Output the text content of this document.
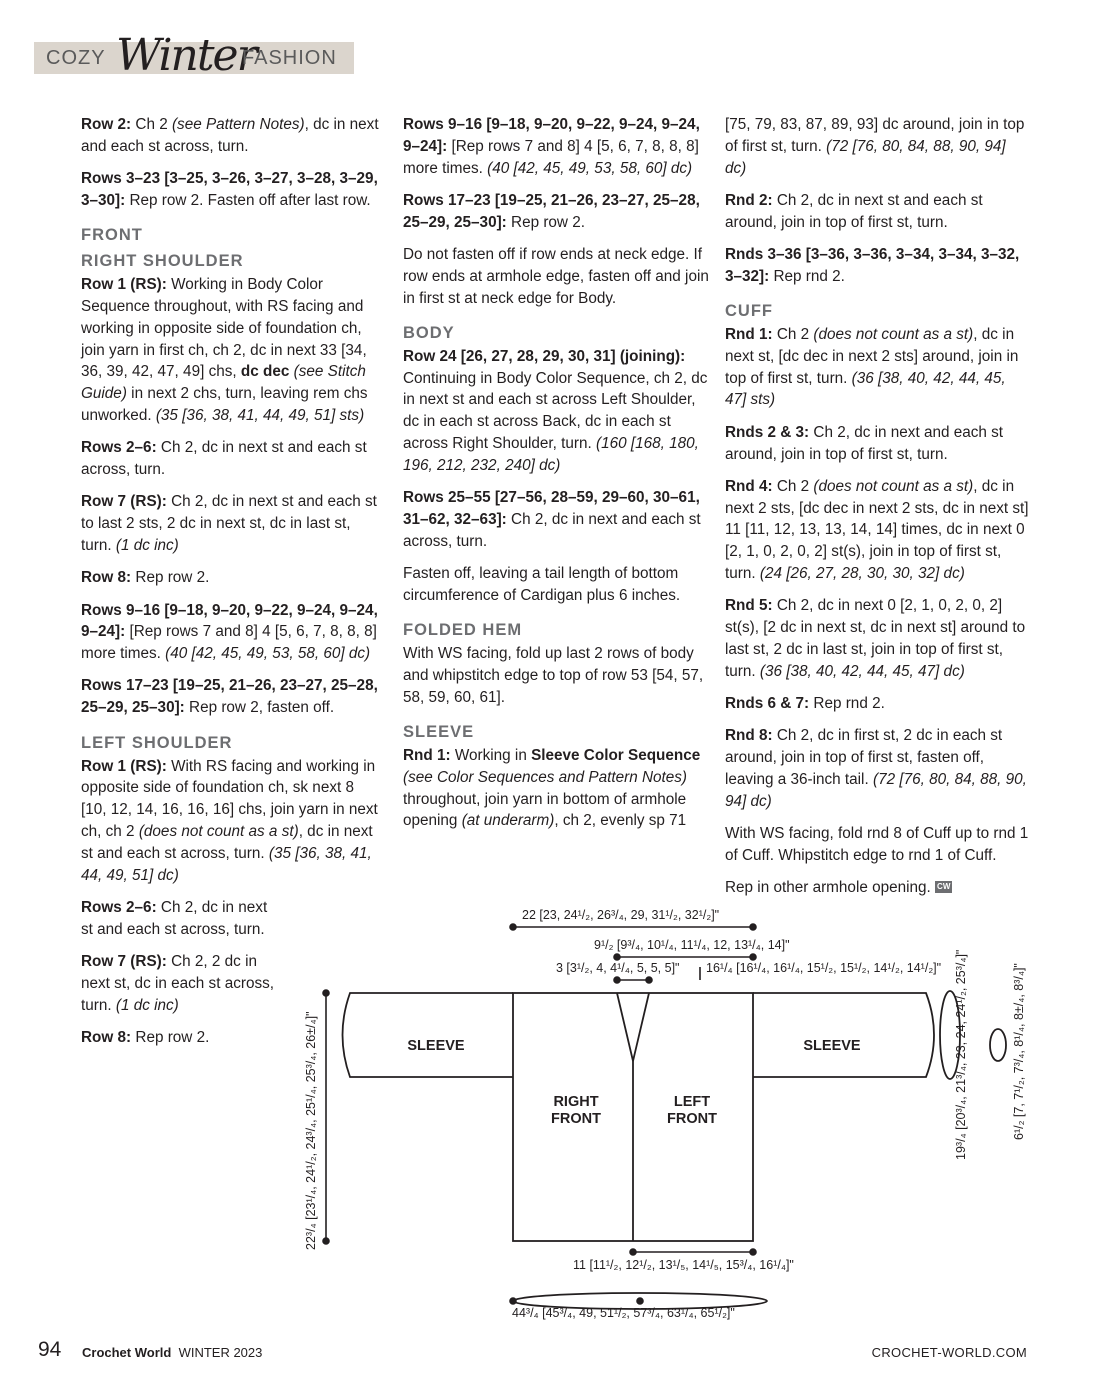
COZY Winter
FASHION

Row 2: Ch 2 (see Pattern Notes), dc in next and each st across, turn.

Rows 3–23 [3–25, 3–26, 3–27, 3–28, 3–29, 3–30]: Rep row 2. Fasten off after last row.

FRONT
RIGHT SHOULDER

Row 1 (RS): Working in Body Color Sequence throughout, with RS facing and working in opposite side of foundation ch, join yarn in first ch, ch 2, dc in next 33 [34, 36, 39, 42, 47, 49] chs, dc dec (see Stitch Guide) in next 2 chs, turn, leaving rem chs unworked. (35 [36, 38, 41, 44, 49, 51] sts)

Rows 2–6: Ch 2, dc in next st and each st across, turn.

Row 7 (RS): Ch 2, dc in next st and each st to last 2 sts, 2 dc in next st, dc in last st, turn. (1 dc inc)

Row 8: Rep row 2.

Rows 9–16 [9–18, 9–20, 9–22, 9–24, 9–24, 9–24]: [Rep rows 7 and 8] 4 [5, 6, 7, 8, 8, 8] more times. (40 [42, 45, 49, 53, 58, 60] dc)

Rows 17–23 [19–25, 21–26, 23–27, 25–28, 25–29, 25–30]: Rep row 2, fasten off.

LEFT SHOULDER

Row 1 (RS): With RS facing and working in opposite side of foundation ch, sk next 8 [10, 12, 14, 16, 16, 16] chs, join yarn in next ch, ch 2 (does not count as a st), dc in next st and each st across, turn. (35 [36, 38, 41, 44, 49, 51] dc)

Rows 2–6: Ch 2, dc in next st and each st across, turn.

Row 7 (RS): Ch 2, 2 dc in next st, dc in each st across, turn. (1 dc inc)

Row 8: Rep row 2.

Rows 9–16 [9–18, 9–20, 9–22, 9–24, 9–24, 9–24]: [Rep rows 7 and 8] 4 [5, 6, 7, 8, 8, 8] more times. (40 [42, 45, 49, 53, 58, 60] dc)

Rows 17–23 [19–25, 21–26, 23–27, 25–28, 25–29, 25–30]: Rep row 2.

Do not fasten off if row ends at neck edge. If row ends at armhole edge, fasten off and join in first st at neck edge for Body.

BODY

Row 24 [26, 27, 28, 29, 30, 31] (joining): Continuing in Body Color Sequence, ch 2, dc in next st and each st across Left Shoulder, dc in each st across Back, dc in each st across Right Shoulder, turn. (160 [168, 180, 196, 212, 232, 240] dc)

Rows 25–55 [27–56, 28–59, 29–60, 30–61, 31–62, 32–63]: Ch 2, dc in next and each st across, turn.

Fasten off, leaving a tail length of bottom circumference of Cardigan plus 6 inches.

FOLDED HEM

With WS facing, fold up last 2 rows of body and whipstitch edge to top of row 53 [54, 57, 58, 59, 60, 61].

SLEEVE

Rnd 1: Working in Sleeve Color Sequence (see Color Sequences and Pattern Notes) throughout, join yarn in bottom of armhole opening (at underarm), ch 2, evenly sp 71

[75, 79, 83, 87, 89, 93] dc around, join in top of first st, turn. (72 [76, 80, 84, 88, 90, 94] dc)

Rnd 2: Ch 2, dc in next st and each st around, join in top of first st, turn.

Rnds 3–36 [3–36, 3–36, 3–34, 3–34, 3–32, 3–32]: Rep rnd 2.

CUFF

Rnd 1: Ch 2 (does not count as a st), dc in next st, [dc dec in next 2 sts] around, join in top of first st, turn. (36 [38, 40, 42, 44, 45, 47] sts)

Rnds 2 & 3: Ch 2, dc in next and each st around, join in top of first st, turn.

Rnd 4: Ch 2 (does not count as a st), dc in next 2 sts, [dc dec in next 2 sts, dc in next st] 11 [11, 12, 13, 13, 14, 14] times, dc in next 0 [2, 1, 0, 2, 0, 2] st(s), join in top of first st, turn. (24 [26, 27, 28, 30, 30, 32] dc)

Rnd 5: Ch 2, dc in next 0 [2, 1, 0, 2, 0, 2] st(s), [2 dc in next st, dc in next st] around to last st, 2 dc in last st, join in top of first st, turn. (36 [38, 40, 42, 44, 45, 47] dc)

Rnds 6 & 7: Rep rnd 2.

Rnd 8: Ch 2, dc in first st, 2 dc in each st around, join in top of first st, fasten off, leaving a 36-inch tail. (72 [76, 80, 84, 88, 90, 94] dc)

With WS facing, fold rnd 8 of Cuff up to rnd 1 of Cuff. Whipstitch edge to rnd 1 of Cuff.

Rep in other armhole opening. CW

22 [23, 24¹/₂, 26³/₄, 29, 31¹/₂, 32¹/₂]"
9¹/₂ [9³/₄, 10¹/₄, 11¹/₄, 12, 13¹/₄, 14]"
3 [3¹/₂, 4, 4¹/₄, 5, 5, 5]" 16¹/₄ [16¹/₄, 16¹/₄, 15¹/₂, 15¹/₂, 14¹/₂, 14¹/₂]"
SLEEVE	SLEEVE
RIGHT FRONT
LEFT FRONT
11 [11¹/₂, 12¹/₂, 13¹/₅, 14¹/₅, 15³/₄, 16¹/₄]"
44³/₄ [45³/₄, 49, 51¹/₂, 57³/₄, 63¹/₄, 65¹/₂]"
22³/₄ [23¹/₄, 24¹/₂, 24³/₄, 25¹/₄, 25³/₄, 26±/₄]"	19³/₄ [20³/₄, 21³/₄, 23, 24, 24¹/₂, 25³/₄]"	6¹/₂ [7, 7¹/₂, 7³/₄, 8¹/₄, 8±/₄, 8³/₄]"
94 Crochet World WINTER 2023	CROCHET-WORLD.COM
